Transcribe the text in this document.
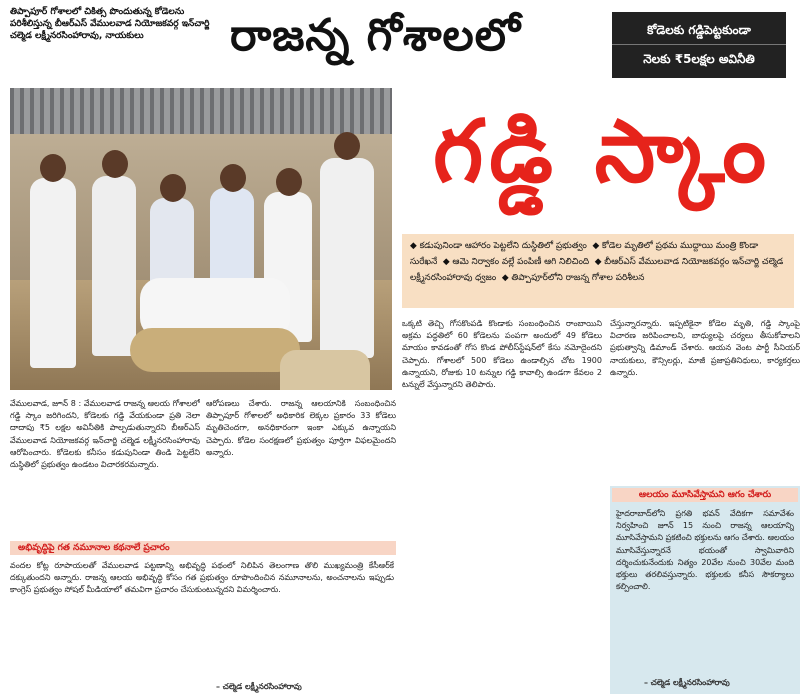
తిప్పాపూర్ గోశాలలో చికిత్స పొందుతున్న కోడెలను పరిశీలిస్తున్న బీఆర్ఎస్ వేములవాడ నియోజకవర్గ ఇన్‌చార్జి చల్మెడ లక్ష్మీనరసింహారావు, నాయకులు	రాజన్న గోశాలలో	కోడెలకు గడ్డిపెట్టకుండా
నెలకు ₹5లక్షల అవినీతి
గడ్డి స్కాం
◆ కడుపునిండా ఆహారం పెట్టలేని దుస్థితిలో ప్రభుత్వం ◆ కోడెల మృతిలో ప్రథమ ముద్దాయి మంత్రి కొండా సురేఖనే ◆ ఆమె నిర్వాకం వల్లే పంపిణీ ఆగి నిలిచింది ◆ బీఆర్ఎస్ వేములవాడ నియోజకవర్గం ఇన్‌చార్జి చల్మెడ లక్ష్మీనరసింహారావు ధ్వజం ◆ తిప్పాపూర్‌లోని రాజన్న గోశాల పరిశీలన
వేములవాడ, జూన్ 8 : వేములవాడ రాజన్న ఆలయ గోశాలలో గడ్డి స్కాం జరిగిందని, కోడెలకు గడ్డి వేయకుండా ప్రతి నెలా దాదాపు ₹5 లక్షల అవినీతికి పాల్పడుతున్నారని బీఆర్ఎస్ వేములవాడ నియోజకవర్గ ఇన్‌చార్జి చల్మెడ లక్ష్మీనరసింహారావు ఆరోపించారు. కోడెలకు కనీసం కడుపునిండా తిండి పెట్టలేని దుస్థితిలో ప్రభుత్వం ఉండటం విచారకరమన్నారు.
ఆరోపణలు చేశారు. రాజన్న ఆలయానికి సంబంధించిన తిప్పాపూర్ గోశాలలో అధికారిక లెక్కల ప్రకారం 33 కోడెలు మృతిచెందగా, అనధికారంగా ఇంకా ఎక్కువ ఉన్నాయని చెప్పారు. కోడెల సంరక్షణలో ప్రభుత్వం పూర్తిగా విఫలమైందని అన్నారు.
ఒక్కటి తెచ్చి గోసకొంపడి కొండాకు సంబంధించిన రాంబాయిని అక్రమ పద్ధతిలో 60 కోడెలను పంపగా అందులో 49 కోడెలు మాయం కావడంతో గోస కొండ పోలీస్‌స్టేషన్‌లో కేసు నమోదైందని చెప్పారు. గోశాలలో 500 కోడెలు ఉండాల్సిన చోట 1900 ఉన్నాయని, రోజుకు 10 టన్నుల గడ్డి కావాల్సి ఉండగా కేవలం 2 టన్నులే వేస్తున్నారని తెలిపారు.
చేస్తున్నారన్నారు. ఇప్పటికైనా కోడెల మృతి, గడ్డి స్కాంపై విచారణ జరిపించాలని, బాధ్యులపై చర్యలు తీసుకోవాలని ప్రభుత్వాన్ని డిమాండ్ చేశారు. ఆయన వెంట పార్టీ సీనియర్ నాయకులు, కౌన్సిలర్లు, మాజీ ప్రజాప్రతినిధులు, కార్యకర్తలు ఉన్నారు.
అభివృద్ధిపై గత నమూనాల కథనాలే ప్రచారం
వందల కోట్ల రూపాయలతో వేములవాడ పట్టణాన్ని అభివృద్ధి పథంలో నిలిపిన తెలంగాణ తొలి ముఖ్యమంత్రి కేసీఆర్‌కే దక్కుతుందని అన్నారు. రాజన్న ఆలయ అభివృద్ధి కోసం గత ప్రభుత్వం రూపొందించిన నమూనాలను, అంచనాలను ఇప్పుడు కాంగ్రెస్ ప్రభుత్వం సోషల్ మీడియాలో తమవిగా ప్రచారం చేసుకుంటున్నదని విమర్శించారు.
– చల్మెడ లక్ష్మీనరసింహారావు
ఆలయం మూసివేస్తామని ఆగం చేశారు
హైదరాబాద్‌లోని ప్రగతి భవన్ వేదికగా సమావేశం నిర్వహించి జూన్ 15 నుంచి రాజన్న ఆలయాన్ని మూసివేస్తామని ప్రకటించి భక్తులను ఆగం చేశారు. ఆలయం మూసివేస్తున్నారనే భయంతో స్వామివారిని దర్శించుకునేందుకు నిత్యం 20వేల నుంచి 30వేల మంది భక్తులు తరలివస్తున్నారు. భక్తులకు కనీస సౌకర్యాలు కల్పించాలి.
– చల్మెడ లక్ష్మీనరసింహారావు
